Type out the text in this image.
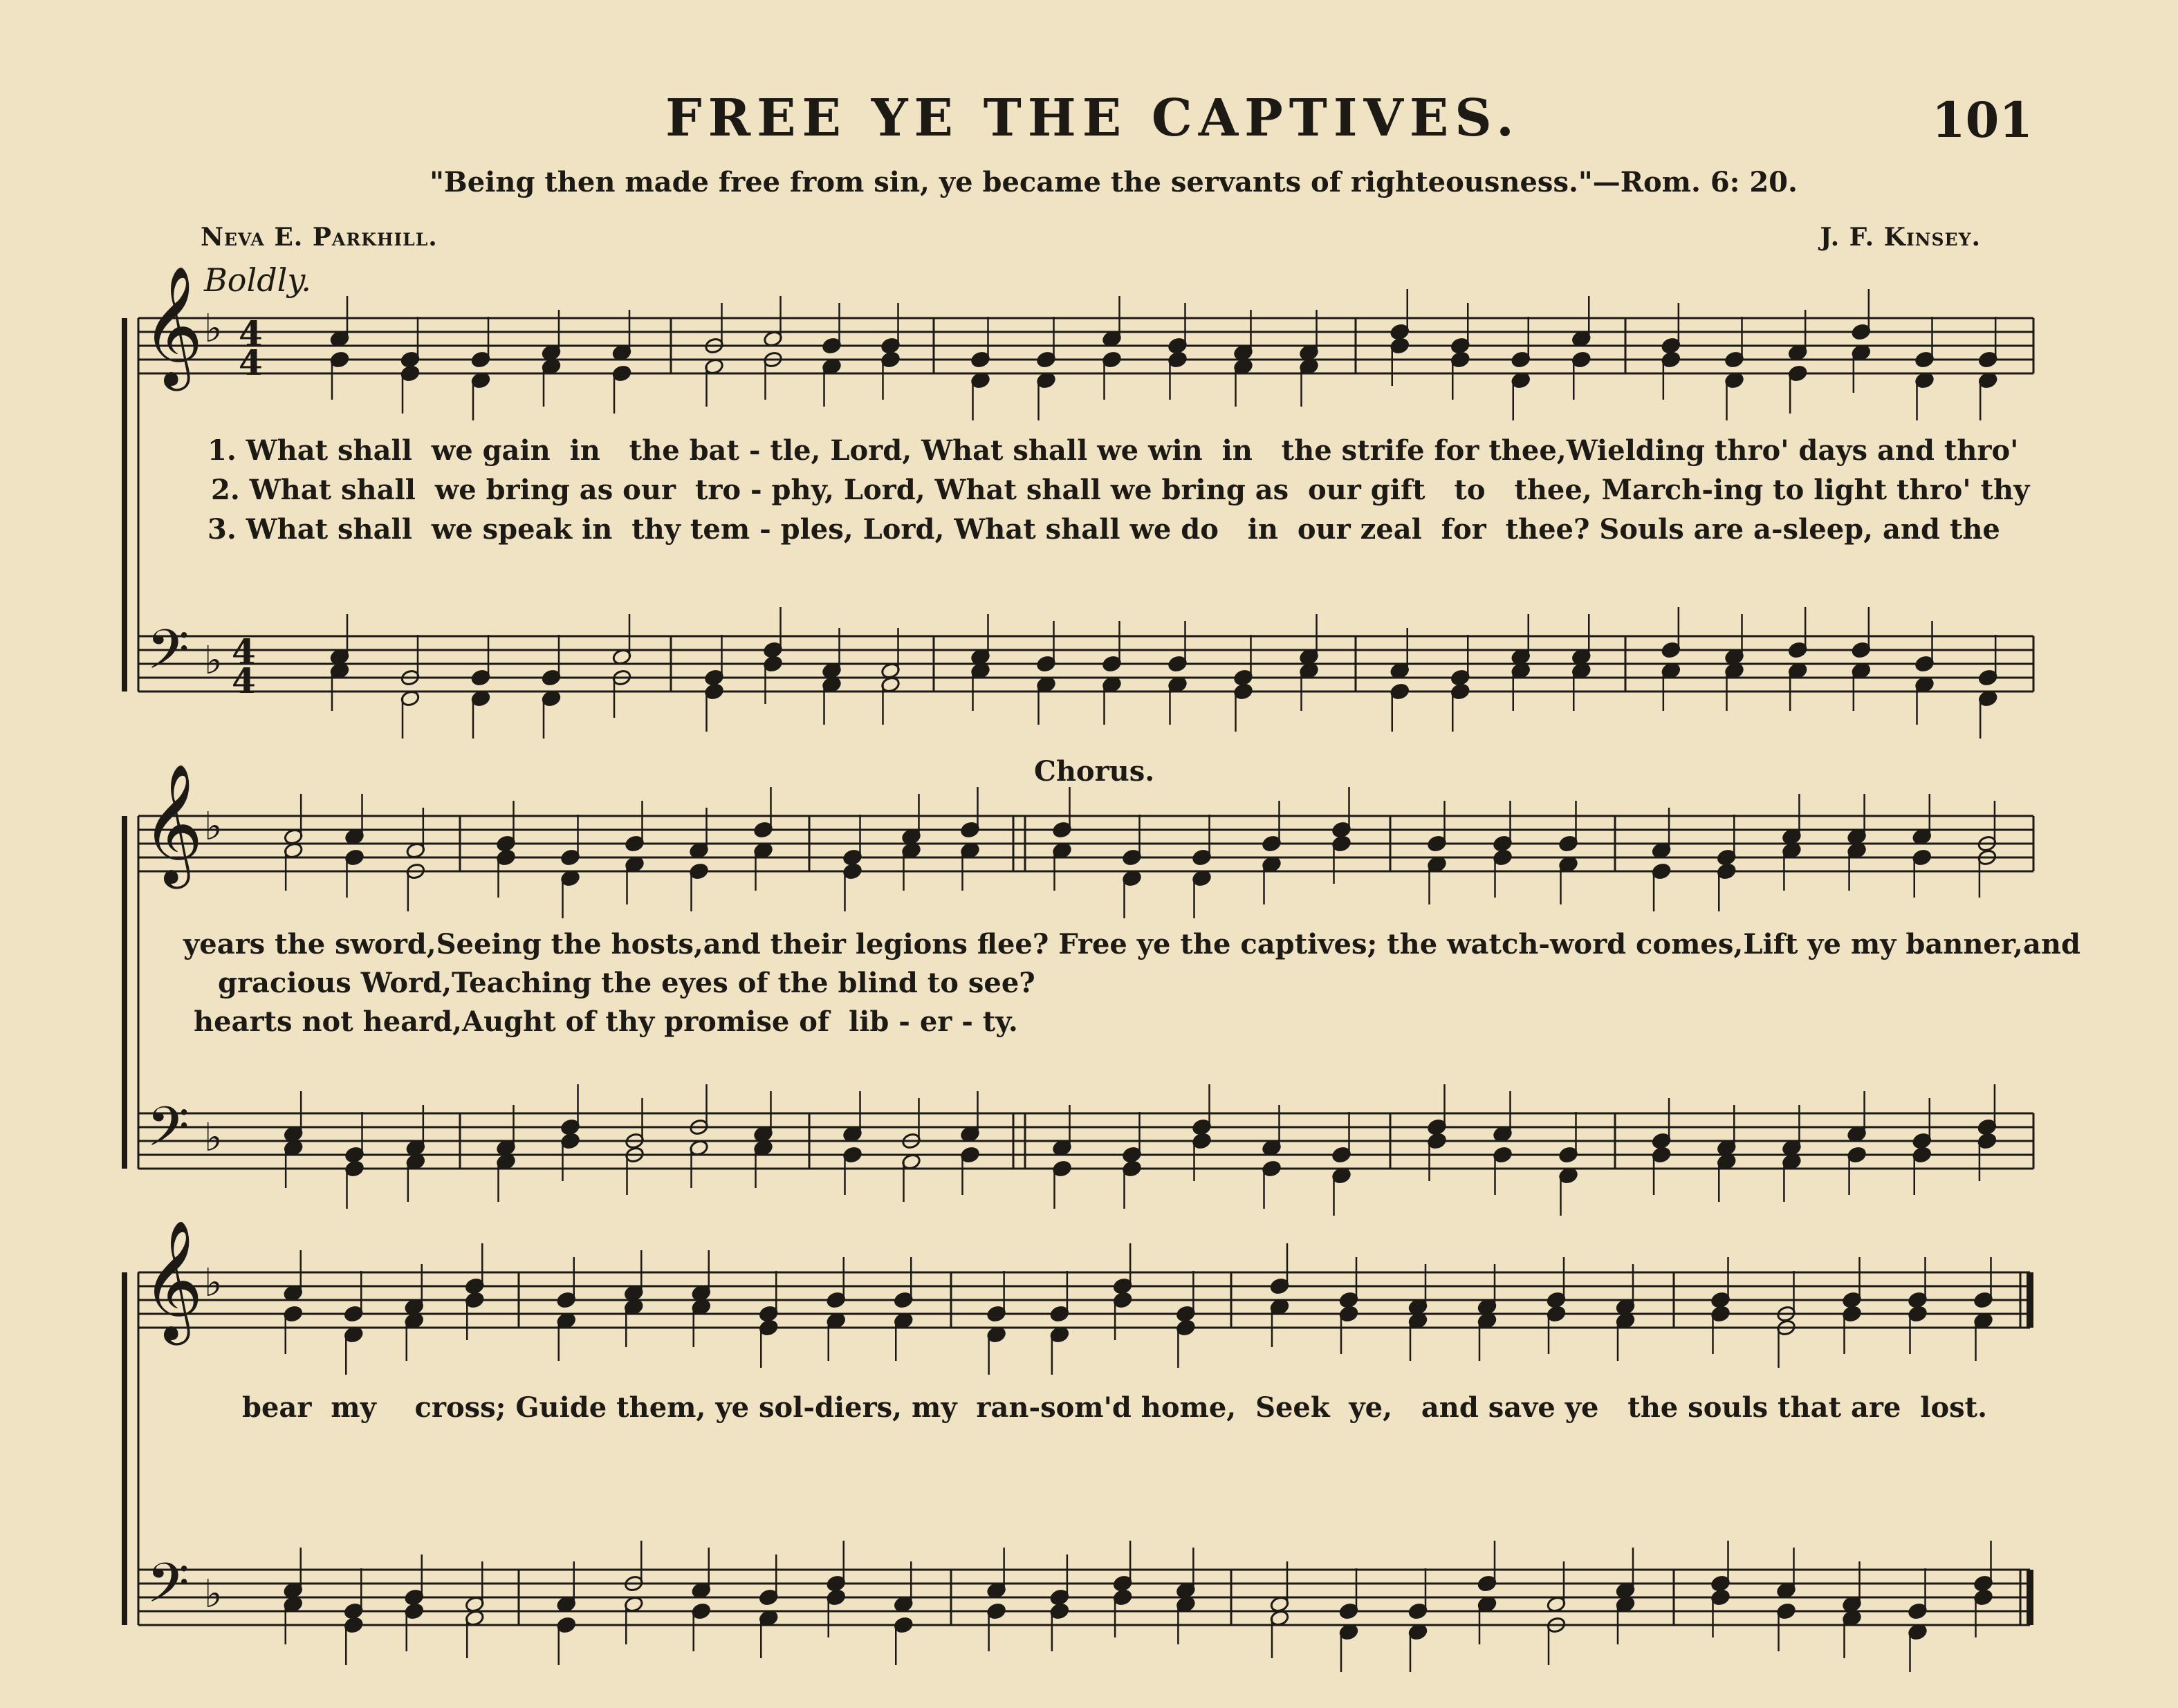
FREE YE THE CAPTIVES.	101
"Being then made free from sin, ye became the servants of righteousness."—Rom. 6: 20.
Neva E. Parkhill.	J. F. Kinsey.
Boldly.
Chorus.
𝄞
𝄢
♭
♭
4
4
4
4
𝄞
𝄢
♭
♭
𝄞
𝄢
♭
♭
1. What shall  we gain  in   the bat - tle, Lord, What shall we win  in   the strife for thee,Wielding thro' days and thro'
2. What shall  we bring as our  tro - phy, Lord, What shall we bring as  our gift   to   thee, March-ing to light thro' thy
3. What shall  we speak in  thy tem - ples, Lord, What shall we do   in  our zeal  for  thee? Souls are a-sleep, and the
years the sword,Seeing the hosts,and their legions flee? Free ye the captives; the watch-word comes,Lift ye my banner,and
gracious Word,Teaching the eyes of the blind to see?
hearts not heard,Aught of thy promise of  lib - er - ty.
bear  my    cross; Guide them, ye sol-diers, my  ran-som'd home,  Seek  ye,   and save ye   the souls that are  lost.
